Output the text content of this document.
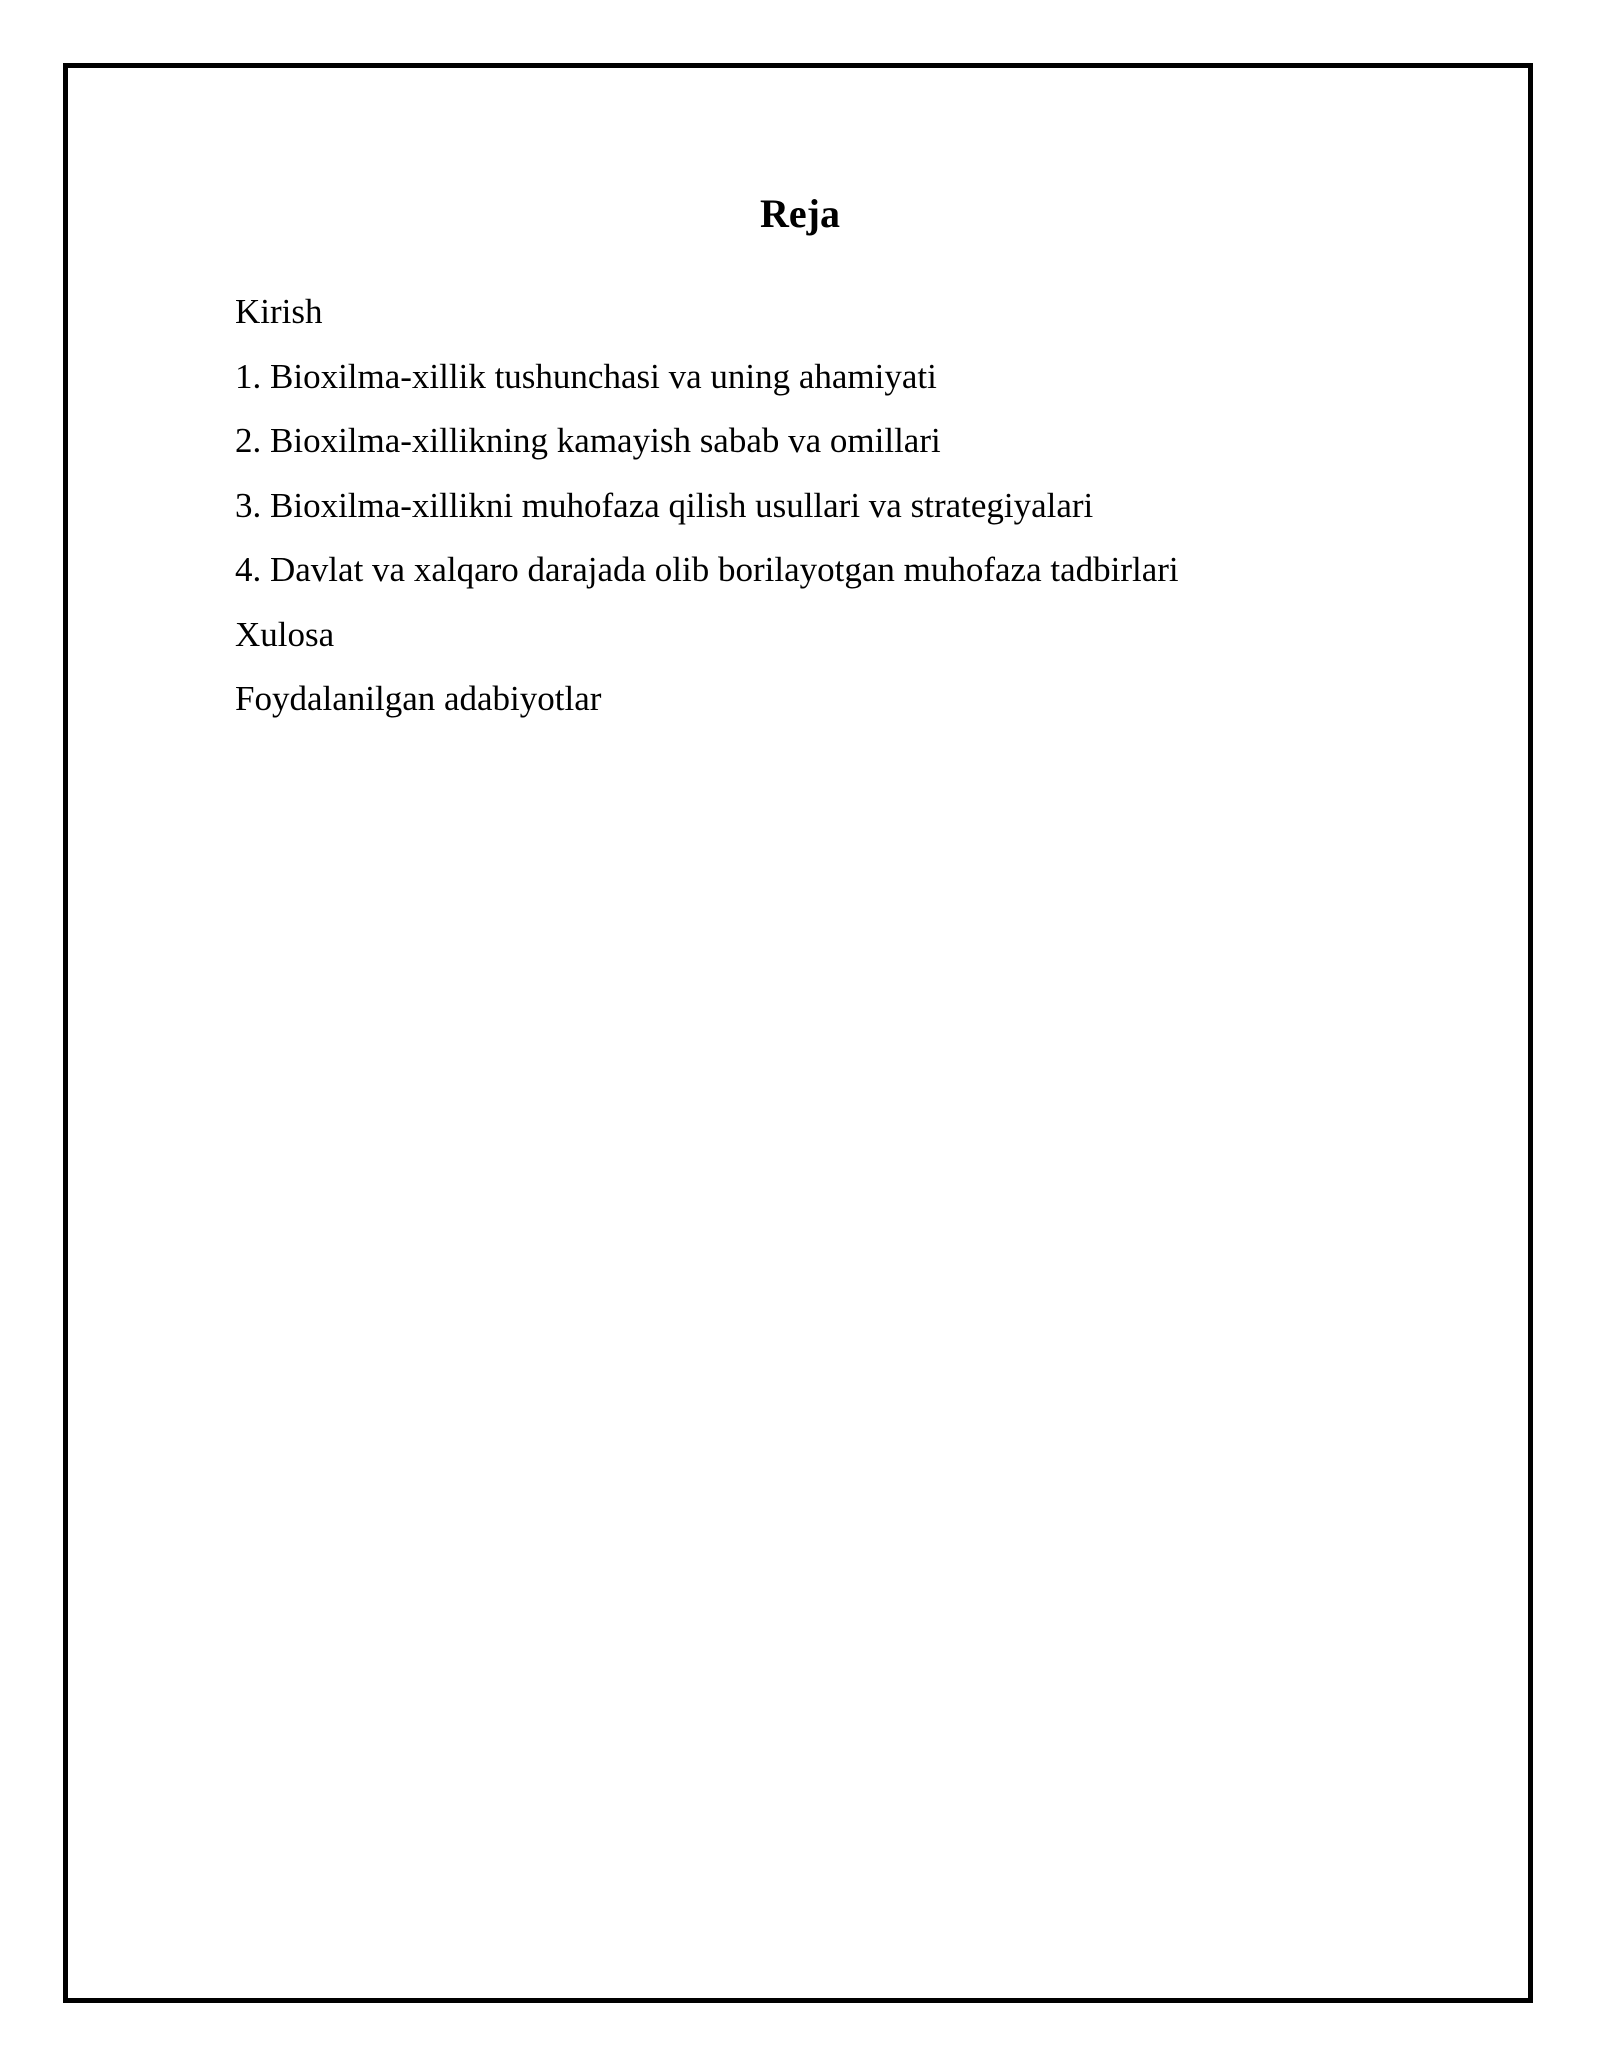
Reja
Kirish
1. Bioxilma-xillik tushunchasi va uning ahamiyati
2. Bioxilma-xillikning kamayish sabab va omillari
3. Bioxilma-xillikni muhofaza qilish usullari va strategiyalari
4. Davlat va xalqaro darajada olib borilayotgan muhofaza tadbirlari
Xulosa
Foydalanilgan adabiyotlar
